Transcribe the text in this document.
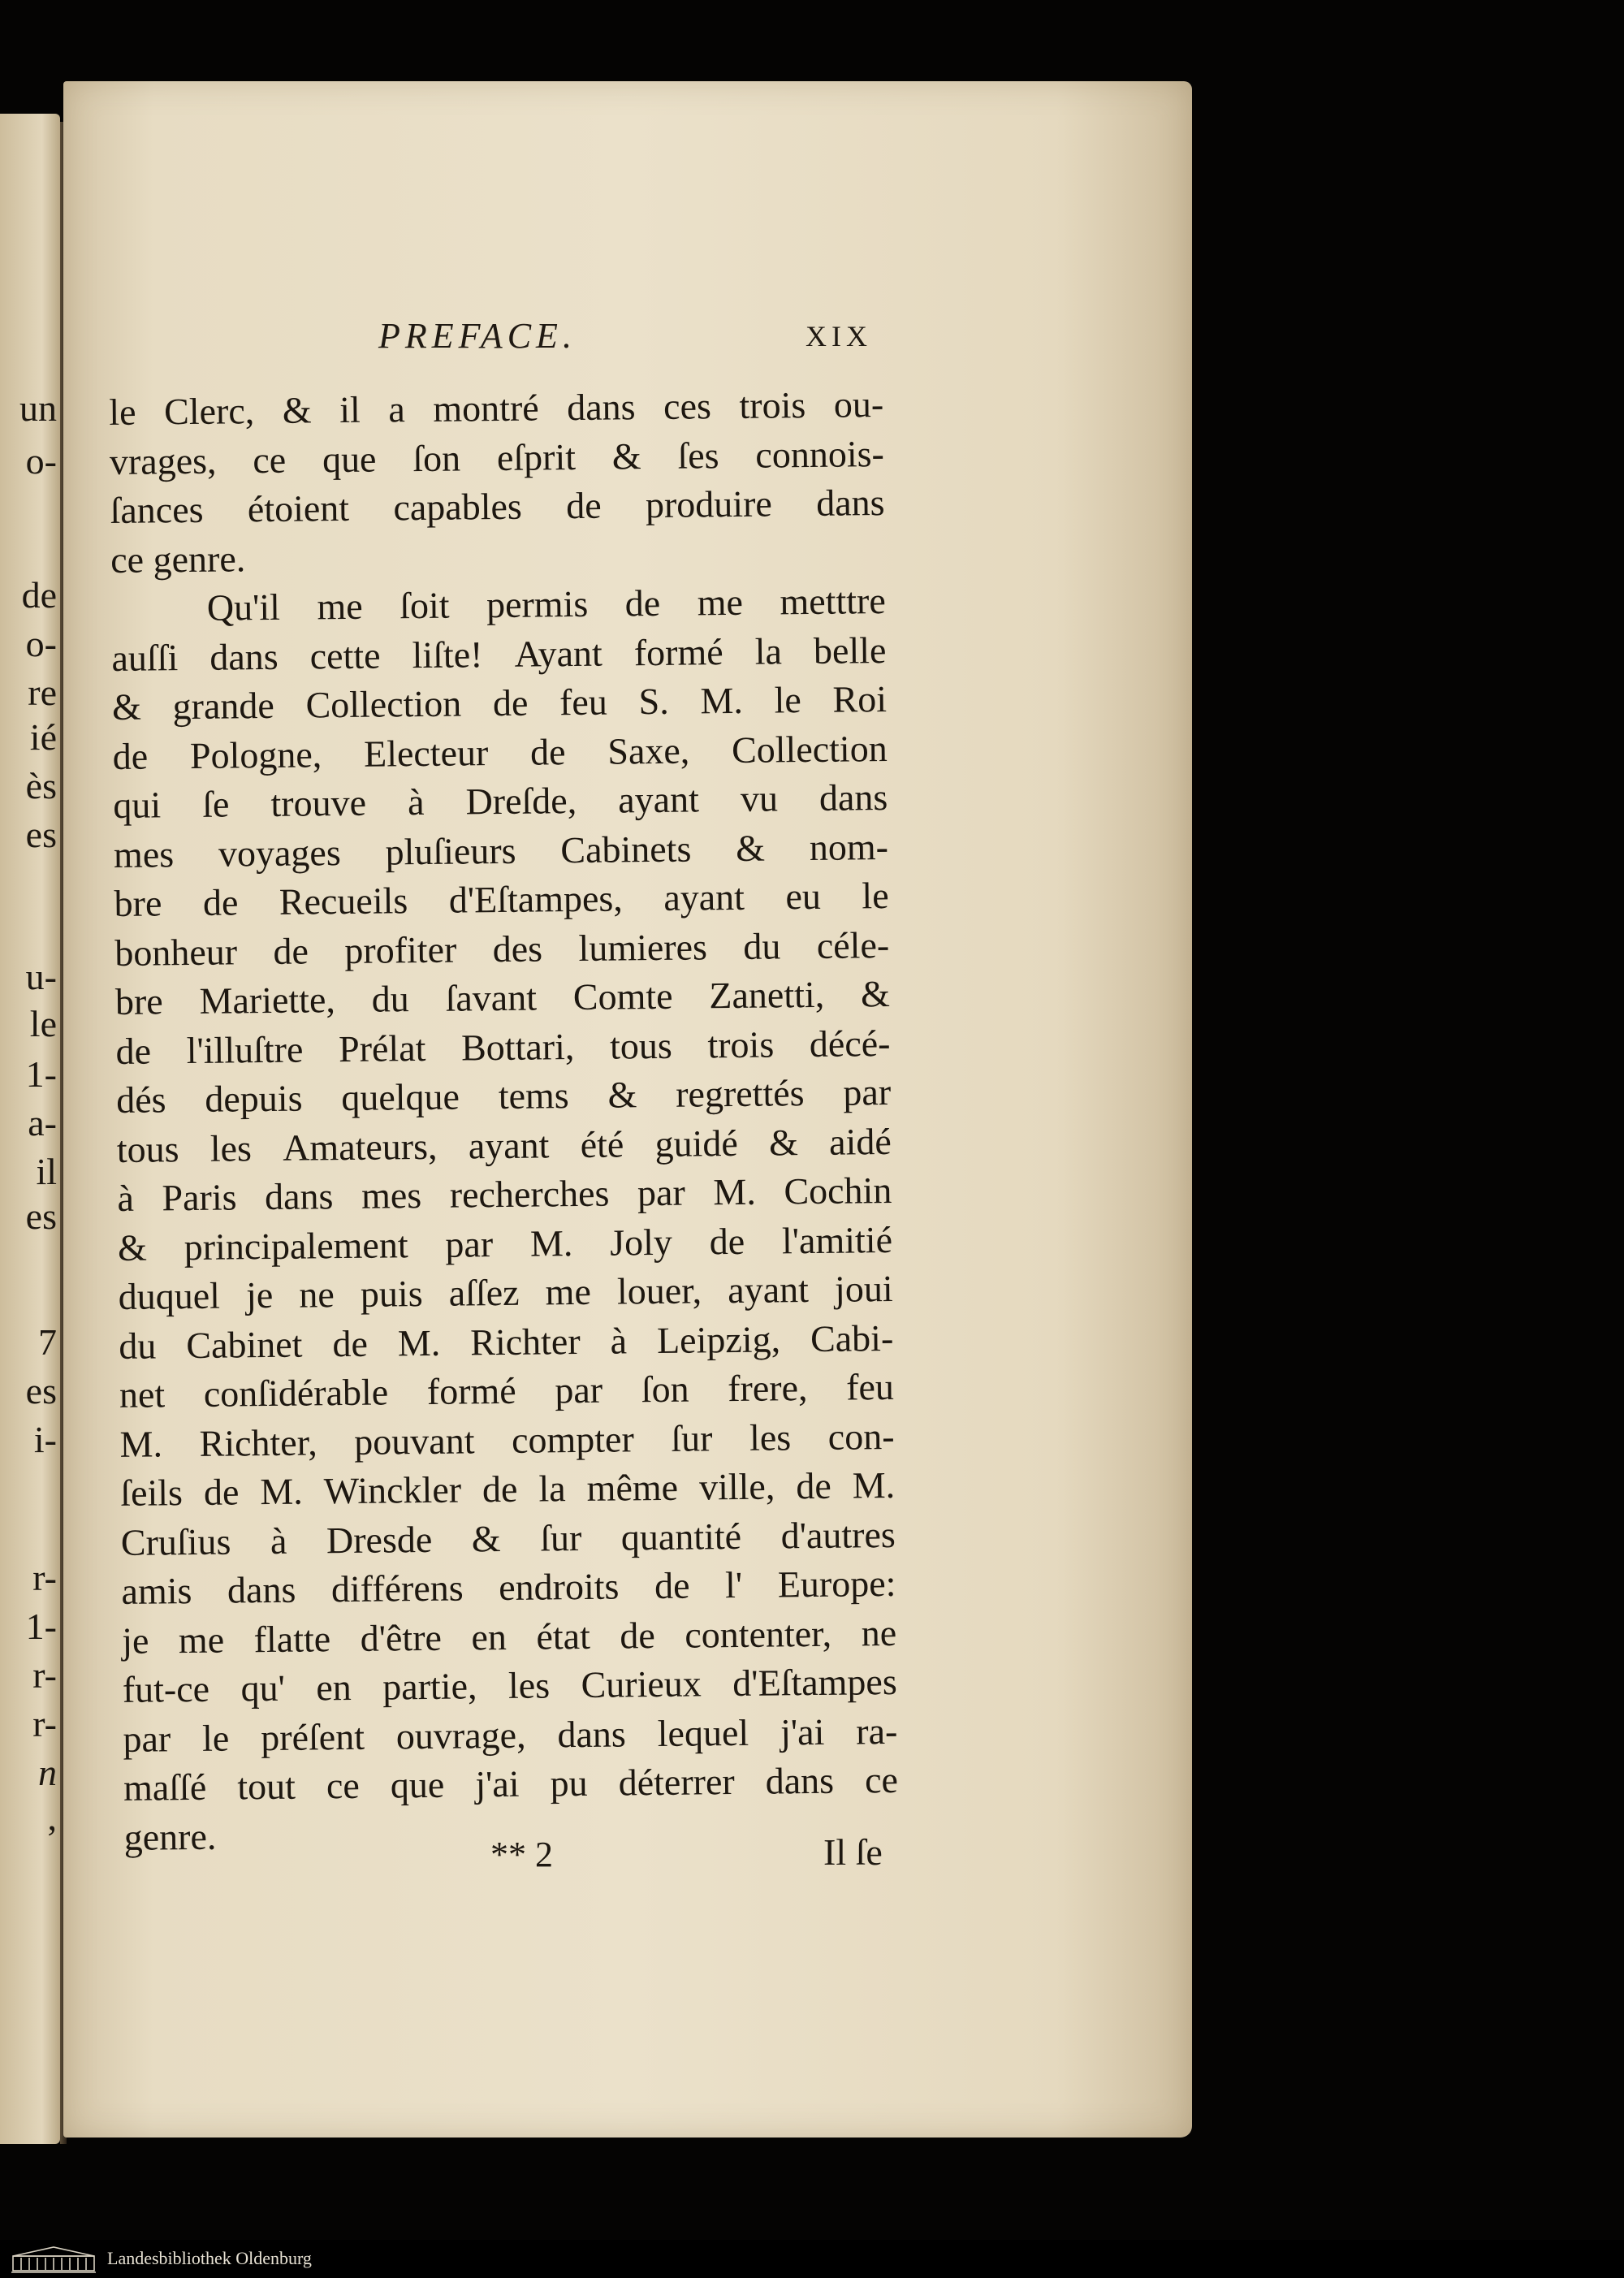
un
o-
de
o-
re
ié
ès
es
u-
le
1-
a-
il
es
7
es
i-
r-
1-
r-
r-
n
,
PREFACE.	XIX
le Clerc, & il a montré dans ces trois ou-
vrages, ce que ſon eſprit & ſes connois-
ſances étoient capables de produire dans
ce genre.
Qu'il me ſoit permis de me metttre
auſſi dans cette liſte! Ayant formé la belle
& grande Collection de feu S. M. le Roi
de Pologne, Electeur de Saxe, Collection
qui ſe trouve à Dreſde, ayant vu dans
mes voyages pluſieurs Cabinets & nom-
bre de Recueils d'Eſtampes, ayant eu le
bonheur de profiter des lumieres du céle-
bre Mariette, du ſavant Comte Zanetti, &
de l'illuſtre Prélat Bottari, tous trois décé-
dés depuis quelque tems & regrettés par
tous les Amateurs, ayant été guidé & aidé
à Paris dans mes recherches par M. Cochin
& principalement par M. Joly de l'amitié
duquel je ne puis aſſez me louer, ayant joui
du Cabinet de M. Richter à Leipzig, Cabi-
net conſidérable formé par ſon frere, feu
M. Richter, pouvant compter ſur les con-
ſeils de M. Winckler de la même ville, de M.
Cruſius à Dresde & ſur quantité d'autres
amis dans différens endroits de l' Europe:
je me flatte d'être en état de contenter, ne
fut-ce qu' en partie, les Curieux d'Eſtampes
par le préſent ouvrage, dans lequel j'ai ra-
maſſé tout ce que j'ai pu déterrer dans ce
genre.	** 2	Il ſe
Landesbibliothek Oldenburg
